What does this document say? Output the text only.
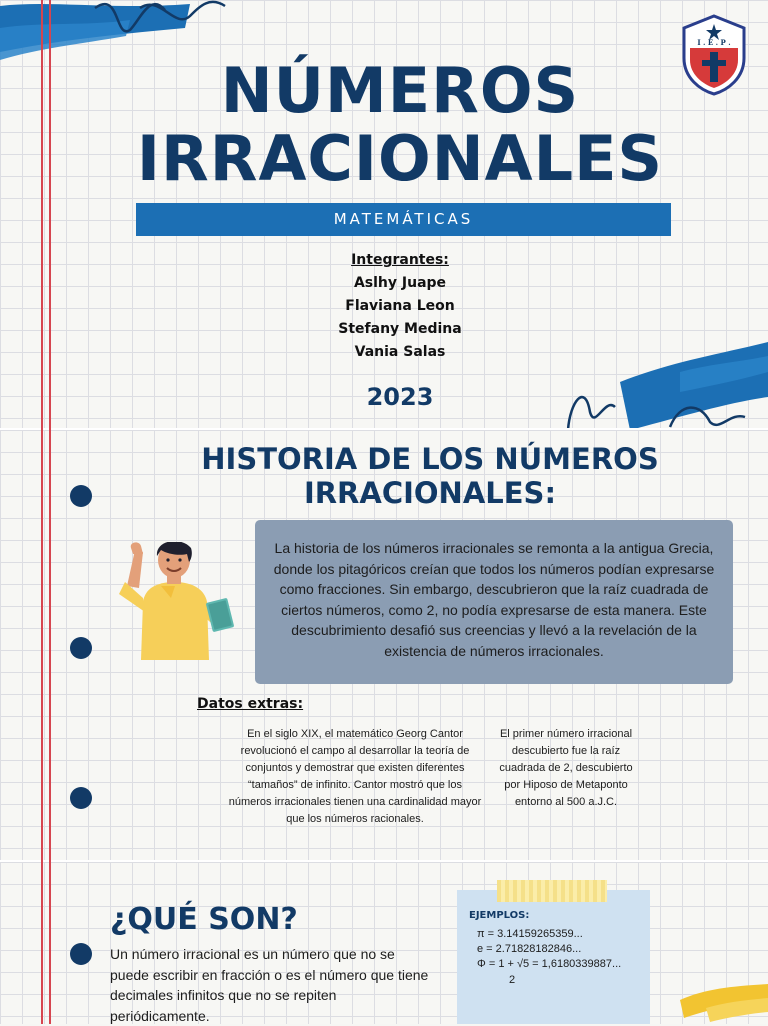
I . E . P .
NÚMEROS
IRRACIONALES
MATEMÁTICAS
Integrantes:
Aslhy Juape
Flaviana Leon
Stefany Medina
Vania Salas
2023
HISTORIA DE LOS NÚMEROS
IRRACIONALES:

La historia de los números irracionales se remonta a la antigua Grecia, donde los pitagóricos creían que todos los números podían expresarse como fracciones. Sin embargo, descubrieron que la raíz cuadrada de ciertos números, como 2, no podía expresarse de esta manera. Este descubrimiento desafió sus creencias y llevó a la revelación de la existencia de números irracionales.

Datos extras:
En el siglo XIX, el matemático Georg Cantor revolucionó el campo al desarrollar la teoría de conjuntos y demostrar que existen diferentes “tamaños” de infinito. Cantor mostró que los números irracionales tienen una cardinalidad mayor que los números racionales.
El primer número irracional descubierto fue la raíz cuadrada de 2, descubierto por Hiposo de Metaponto entorno al 500 a.J.C.
¿QUÉ SON?
Un número irracional es un número que no se puede escribir en fracción o es el número que tiene decimales infinitos que no se repiten periódicamente.
EJEMPLOS:
π = 3.14159265359...
e = 2.71828182846...
Φ = 1 + √5 = 1,6180339887...
2
